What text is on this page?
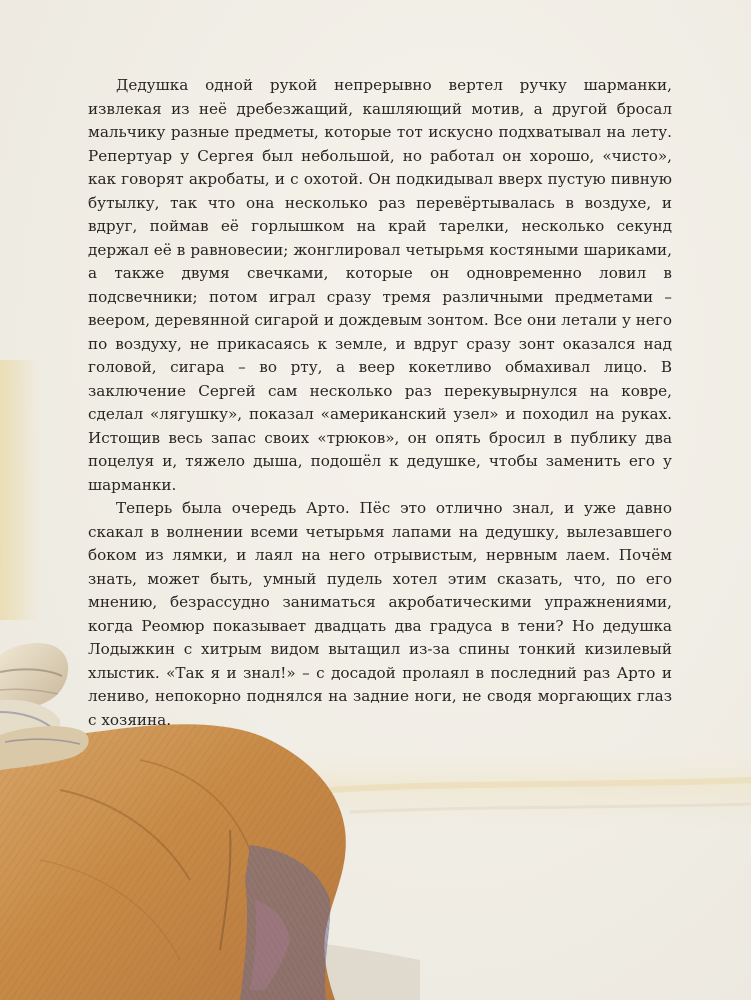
Дедушка одной рукой непрерывно вертел ручку шарманки, извлекая из неё дребезжащий, кашляющий мотив, а другой бросал мальчику разные предметы, которые тот искусно подхватывал на лету. Репертуар у Сергея был небольшой, но работал он хорошо, «чисто», как говорят акробаты, и с охотой. Он подкидывал вверх пустую пивную бутылку, так что она несколько раз перевёртывалась в воздухе, и вдруг, поймав её горлышком на край тарелки, несколько секунд держал её в равновесии; жонглировал четырьмя костяными шариками, а также двумя свечками, которые он одновременно ловил в подсвечники; потом играл сразу тремя различными предметами – веером, деревянной сигарой и дождевым зонтом. Все они летали у него по воздуху, не прикасаясь к земле, и вдруг сразу зонт оказался над головой, сигара – во рту, а веер кокетливо обмахивал лицо. В заключение Сергей сам несколько раз перекувырнулся на ковре, сделал «лягушку», показал «американский узел» и походил на руках. Истощив весь запас своих «трюков», он опять бросил в публику два поцелуя и, тяжело дыша, подошёл к дедушке, чтобы заменить его у шарманки.

Теперь была очередь Арто. Пёс это отлично знал, и уже давно скакал в волнении всеми четырьмя лапами на дедушку, вылезавшего боком из лямки, и лаял на него отрывистым, нервным лаем. Почём знать, может быть, умный пудель хотел этим сказать, что, по его мнению, безрассудно заниматься акробатическими упражнениями, когда Реомюр показывает двадцать два градуса в тени? Но дедушка Лодыжкин с хитрым видом вытащил из-за спины тонкий кизилевый хлыстик. «Так я и знал!» – с досадой пролаял в последний раз Арто и лениво, непокорно поднялся на задние ноги, не сводя моргающих глаз с хозяина.
